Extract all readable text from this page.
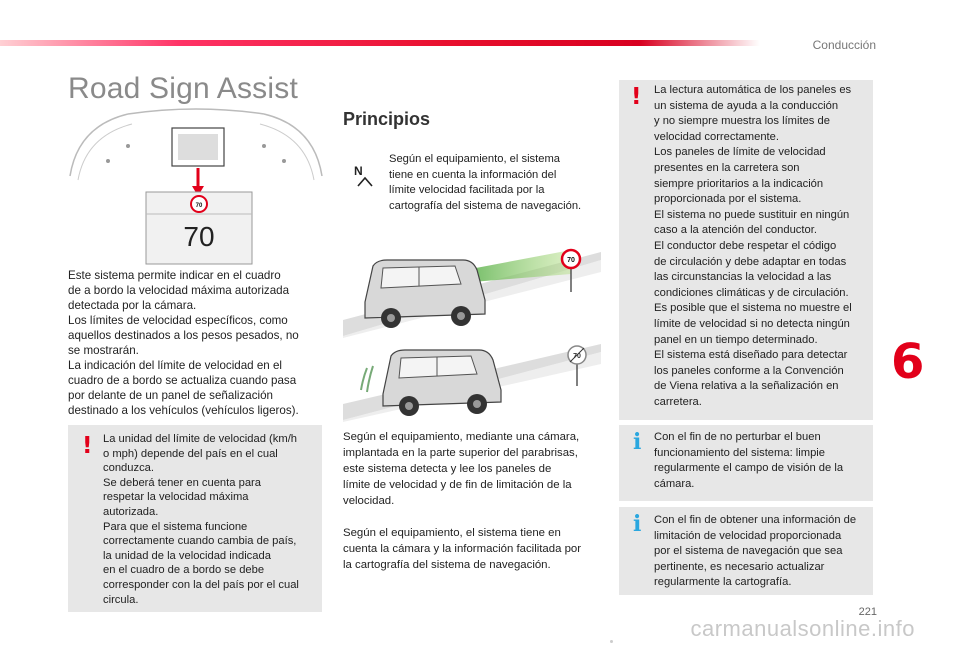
Conducción
Road Sign Assist
70
70
Este sistema permite indicar en el cuadro
de a bordo la velocidad máxima autorizada
detectada por la cámara.
Los límites de velocidad específicos, como
aquellos destinados a los pesos pesados, no
se mostrarán.
La indicación del límite de velocidad en el
cuadro de a bordo se actualiza cuando pasa
por delante de un panel de señalización
destinado a los vehículos (vehículos ligeros).
! La unidad del límite de velocidad (km/h
o mph) depende del país en el cual
conduzca.
Se deberá tener en cuenta para
respetar la velocidad máxima
autorizada.
Para que el sistema funcione
correctamente cuando cambia de país,
la unidad de la velocidad indicada
en el cuadro de a bordo se debe
corresponder con la del país por el cual
circula.
Principios
N
Según el equipamiento, el sistema
tiene en cuenta la información del
límite velocidad facilitada por la
cartografía del sistema de navegación.
70
70
Según el equipamiento, mediante una cámara,
implantada en la parte superior del parabrisas,
este sistema detecta y lee los paneles de
límite de velocidad y de fin de limitación de la
velocidad.
Según el equipamiento, el sistema tiene en
cuenta la cámara y la información facilitada por
la cartografía del sistema de navegación.
! La lectura automática de los paneles es
un sistema de ayuda a la conducción
y no siempre muestra los límites de
velocidad correctamente.
Los paneles de límite de velocidad
presentes en la carretera son
siempre prioritarios a la indicación
proporcionada por el sistema.
El sistema no puede sustituir en ningún
caso a la atención del conductor.
El conductor debe respetar el código
de circulación y debe adaptar en todas
las circunstancias la velocidad a las
condiciones climáticas y de circulación.
Es posible que el sistema no muestre el
límite de velocidad si no detecta ningún
panel en un tiempo determinado.
El sistema está diseñado para detectar
los paneles conforme a la Convención
de Viena relativa a la señalización en
carretera.
i Con el fin de no perturbar el buen
funcionamiento del sistema: limpie
regularmente el campo de visión de la
cámara.
i Con el fin de obtener una información de
limitación de velocidad proporcionada
por el sistema de navegación que sea
pertinente, es necesario actualizar
regularmente la cartografía.
6
221
carmanualsonline.info
